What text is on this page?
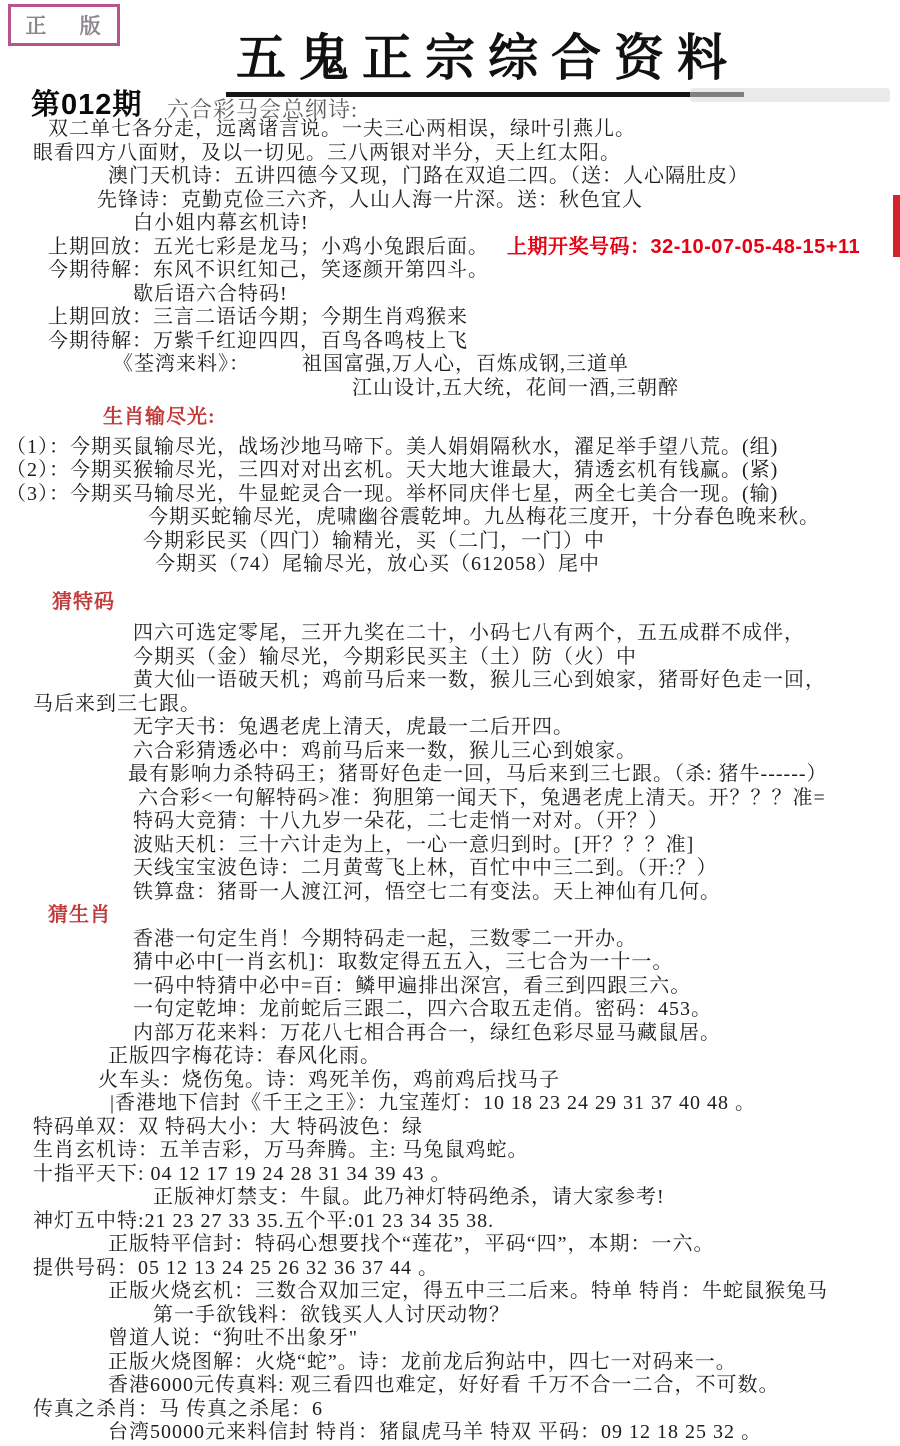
正 版
五鬼正宗综合资料
第012期 六合彩马会总纲诗:
双二单七各分走，远离诸言说。一夫三心两相误，绿叶引燕儿。
眼看四方八面财，及以一切见。三八两银对半分，天上红太阳。
澳门天机诗：五讲四德今又现，门路在双追二四。（送：人心隔肚皮）
先锋诗：克勤克俭三六齐，人山人海一片深。送：秋色宜人
白小姐内幕玄机诗!
上期回放：五光七彩是龙马；小鸡小兔跟后面。 上期开奖号码：32-10-07-05-48-15+11
今期待解：东风不识红知己，笑逐颜开第四斗。
歇后语六合特码!
上期回放：三言二语话今期；今期生肖鸡猴来
今期待解：万紫千红迎四四，百鸟各鸣枝上飞
《荃湾来料》：	祖国富强,万人心，百炼成钢,三道单
江山设计,五大统，花间一酒,三朝醉
生肖输尽光:
（1）：今期买鼠输尽光，战场沙地马啼下。美人娟娟隔秋水，濯足举手望八荒。(组)
（2）：今期买猴输尽光，三四对对出玄机。天大地大谁最大，猜透玄机有钱赢。(紧)
（3）：今期买马输尽光，牛显蛇灵合一现。举杯同庆伴七星，两全七美合一现。(输)
今期买蛇输尽光，虎啸幽谷震乾坤。九丛梅花三度开，十分春色晚来秋。
今期彩民买（四门）输精光，买（二门，一门）中
今期买（74）尾输尽光，放心买（612058）尾中
猜特码
四六可选定零尾，三开九奖在二十，小码七八有两个，五五成群不成伴，
今期买（金）输尽光，今期彩民买主（土）防（火）中
黄大仙一语破天机；鸡前马后来一数，猴儿三心到娘家，猪哥好色走一回，
马后来到三七跟。
无字天书：兔遇老虎上清天，虎最一二后开四。
六合彩猜透必中：鸡前马后来一数，猴儿三心到娘家。
最有影响力杀特码王；猪哥好色走一回，马后来到三七跟。（杀: 猪牛------）
六合彩<一句解特码>准：狗胆第一闻天下，兔遇老虎上清天。开？？？准=
特码大竞猜：十八九岁一朵花，二七走悄一对对。（开？）
波贴天机：三十六计走为上，一心一意归到时。[开？？？准]
天线宝宝波色诗：二月黄莺飞上林，百忙中中三二到。（开:？）
铁算盘：猪哥一人渡江河，悟空七二有变法。天上神仙有几何。
猜生肖
香港一句定生肖！今期特码走一起，三数零二一开办。
猜中必中[一肖玄机]：取数定得五五入，三七合为一十一。
一码中特猜中必中=百：鳞甲遍排出深宫，看三到四跟三六。
一句定乾坤：龙前蛇后三跟二，四六合取五走俏。密码：453。
内部万花来料：万花八七相合再合一，绿红色彩尽显马藏鼠居。
正版四字梅花诗：春风化雨。
火车头：烧伤兔。诗：鸡死羊伤，鸡前鸡后找马子
|香港地下信封《千王之王》：九宝莲灯：10 18 23 24 29 31 37 40 48 。
特码单双：双 特码大小：大 特码波色：绿
生肖玄机诗：五羊吉彩，万马奔腾。主: 马兔鼠鸡蛇。
十指平天下: 04 12 17 19 24 28 31 34 39 43 。
正版神灯禁支：牛鼠。此乃神灯特码绝杀，请大家参考!
神灯五中特:21 23 27 33 35.五个平:01 23 34 35 38.
正版特平信封：特码心想要找个“莲花”，平码“四”，本期：一六。
提供号码：05 12 13 24 25 26 32 36 37 44 。
正版火烧玄机：三数合双加三定，得五中三二后来。特单 特肖：牛蛇鼠猴兔马
第一手欲钱料：欲钱买人人讨厌动物？
曾道人说：“狗吐不出象牙"
正版火烧图解：火烧“蛇”。诗：龙前龙后狗站中，四七一对码来一。
香港6000元传真料: 观三看四也难定，好好看 千万不合一二合，不可数。
传真之杀肖：马 传真之杀尾：6
台湾50000元来料信封 特肖：猪鼠虎马羊 特双 平码：09 12 18 25 32 。
